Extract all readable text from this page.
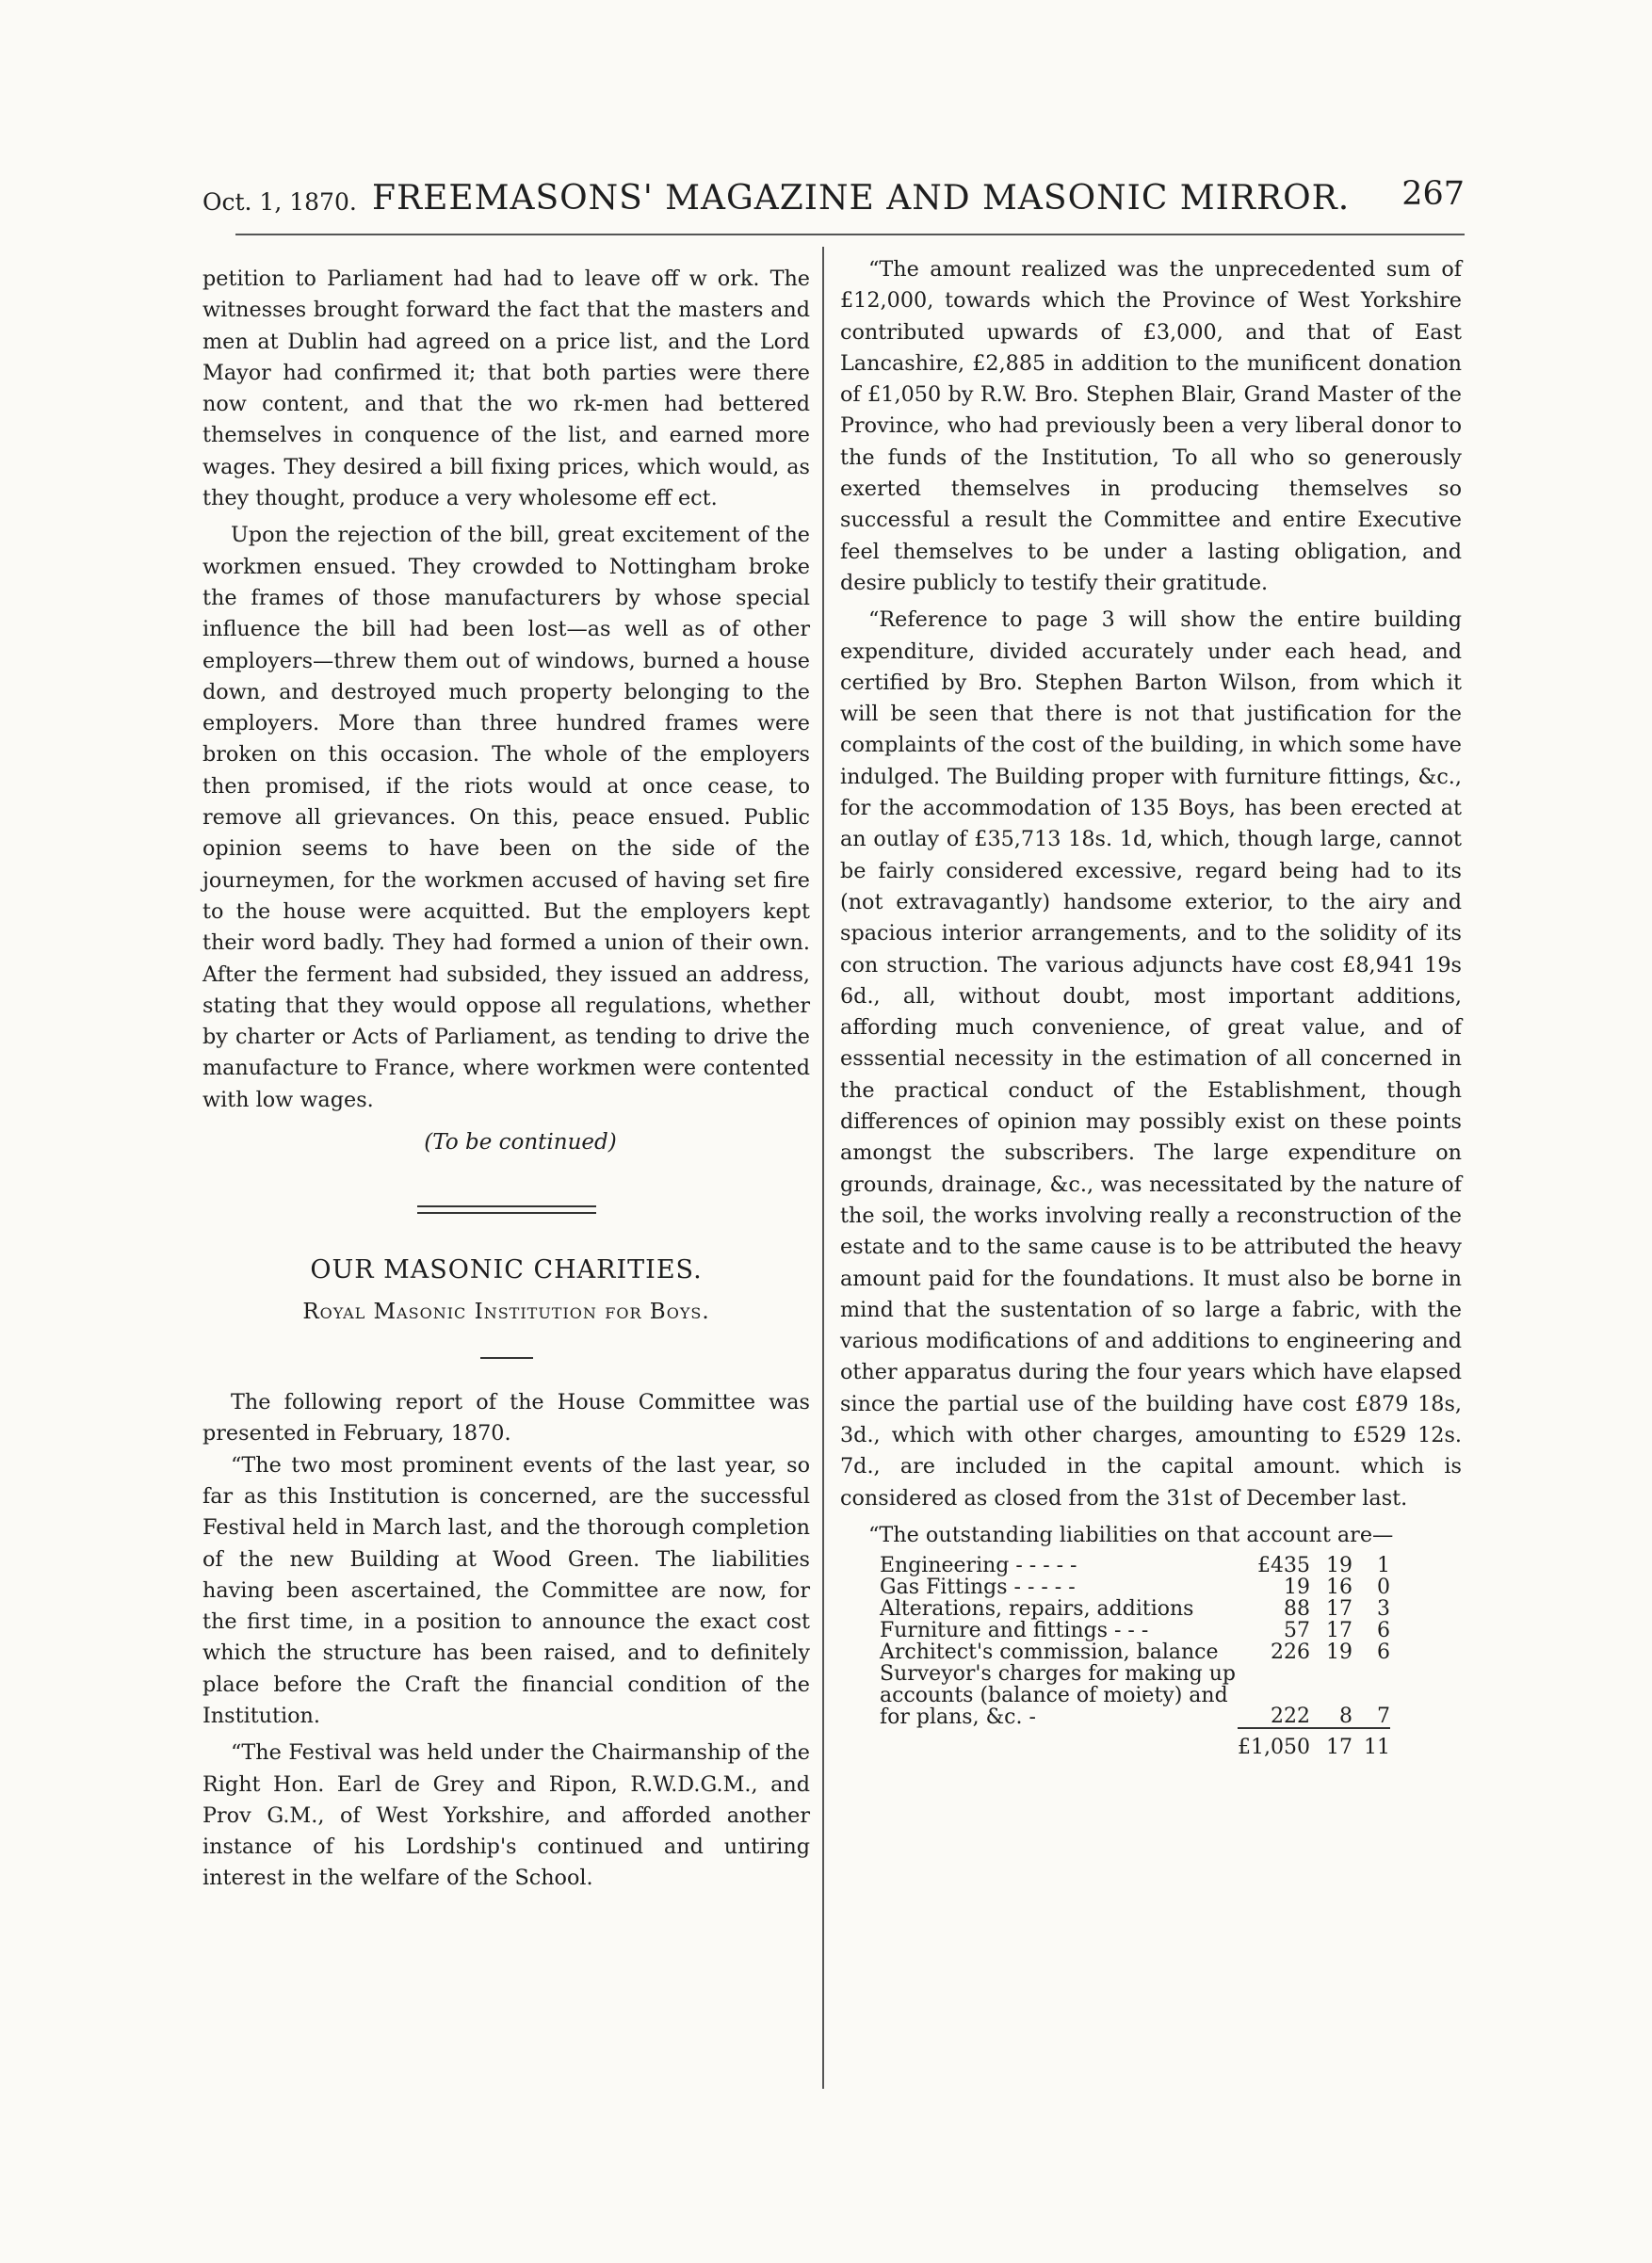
Oct. 1, 1870. FREEMASONS' MAGAZINE AND MASONIC MIRROR. 267

petition to Parliament had had to leave off w ork. The witnesses brought forward the fact that the masters and men at Dublin had agreed on a price list, and the Lord Mayor had confirmed it; that both parties were there now content, and that the wo rk-men had bettered themselves in conquence of the list, and earned more wages. They desired a bill fixing prices, which would, as they thought, produce a very wholesome eff ect.

Upon the rejection of the bill, great excitement of the workmen ensued. They crowded to Nottingham broke the frames of those manufacturers by whose special influence the bill had been lost—as well as of other employers—threw them out of windows, burned a house down, and destroyed much property belonging to the employers. More than three hundred frames were broken on this occasion. The whole of the employers then promised, if the riots would at once cease, to remove all grievances. On this, peace ensued. Public opinion seems to have been on the side of the journeymen, for the workmen accused of having set fire to the house were acquitted. But the employers kept their word badly. They had formed a union of their own. After the ferment had subsided, they issued an address, stating that they would oppose all regulations, whether by charter or Acts of Parliament, as tending to drive the manufacture to France, where workmen were contented with low wages.

(To be continued)
OUR MASONIC CHARITIES.
Royal Masonic Institution for Boys.

The following report of the House Committee was presented in February, 1870.

“The two most prominent events of the last year, so far as this Institution is concerned, are the successful Festival held in March last, and the thorough completion of the new Building at Wood Green. The liabilities having been ascertained, the Committee are now, for the first time, in a position to announce the exact cost which the structure has been raised, and to definitely place before the Craft the financial condition of the Institution.

“The Festival was held under the Chairmanship of the Right Hon. Earl de Grey and Ripon, R.W.D.G.M., and Prov G.M., of West Yorkshire, and afforded another instance of his Lordship's continued and untiring interest in the welfare of the School.

“The amount realized was the unprecedented sum of £12,000, towards which the Province of West Yorkshire contributed upwards of £3,000, and that of East Lancashire, £2,885 in addition to the munificent donation of £1,050 by R.W. Bro. Stephen Blair, Grand Master of the Province, who had previously been a very liberal donor to the funds of the Institution, To all who so generously exerted themselves in producing themselves so successful a result the Committee and entire Executive feel themselves to be under a lasting obligation, and desire publicly to testify their gratitude.

“Reference to page 3 will show the entire building expenditure, divided accurately under each head, and certified by Bro. Stephen Barton Wilson, from which it will be seen that there is not that justification for the complaints of the cost of the building, in which some have indulged. The Building proper with furniture fittings, &c., for the accommodation of 135 Boys, has been erected at an outlay of £35,713 18s. 1d, which, though large, cannot be fairly considered excessive, regard being had to its (not extravagantly) handsome exterior, to the airy and spacious interior arrangements, and to the solidity of its con struction. The various adjuncts have cost £8,941 19s 6d., all, without doubt, most important additions, affording much convenience, of great value, and of esssential necessity in the estimation of all concerned in the practical conduct of the Establishment, though differences of opinion may possibly exist on these points amongst the subscribers. The large expenditure on grounds, drainage, &c., was necessitated by the nature of the soil, the works involving really a reconstruction of the estate and to the same cause is to be attributed the heavy amount paid for the foundations. It must also be borne in mind that the sustentation of so large a fabric, with the various modifications of and additions to engineering and other apparatus during the four years which have elapsed since the partial use of the building have cost £879 18s, 3d., which with other charges, amounting to £529 12s. 7d., are included in the capital amount. which is considered as closed from the 31st of December last.

“The outstanding liabilities on that account are—

Engineering - - - - -	£435	19	1
Gas Fittings - - - - -	19	16	0
Alterations, repairs, additions	88	17	3
Furniture and fittings - - -	57	17	6
Architect's commission, balance	226	19	6
Surveyor's charges for making up accounts (balance of moiety) and for plans, &c. -	222	8	7

	£1,050	17	11
